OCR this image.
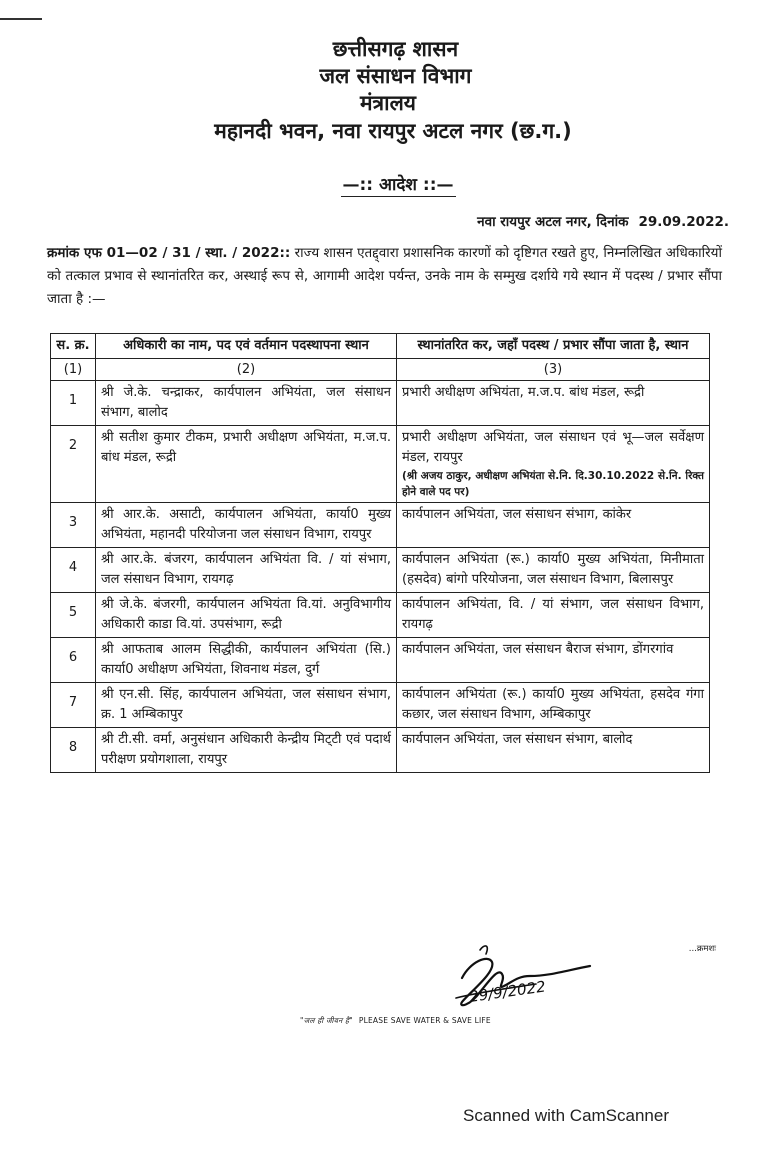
छत्तीसगढ़ शासन
जल संसाधन विभाग
मंत्रालय
महानदी भवन, नवा रायपुर अटल नगर (छ.ग.)
—:: आदेश ::—
नवा रायपुर अटल नगर, दिनांक 29.09.2022.
क्रमांक एफ 01—02 / 31 / स्था. / 2022:: राज्य शासन एतद्द्वारा प्रशासनिक कारणों को दृष्टिगत रखते हुए, निम्नलिखित अधिकारियों को तत्काल प्रभाव से स्थानांतरित कर, अस्थाई रूप से, आगामी आदेश पर्यन्त, उनके नाम के सम्मुख दर्शाये गये स्थान में पदस्थ / प्रभार सौंपा जाता है :—
स. क्र.	अधिकारी का नाम, पद एवं वर्तमान पदस्थापना स्थान	स्थानांतरित कर, जहाँ पदस्थ / प्रभार सौंपा जाता है, स्थान
(1)	(2)	(3)
1	श्री जे.के. चन्द्राकर, कार्यपालन अभियंता, जल संसाधन संभाग, बालोद	प्रभारी अधीक्षण अभियंता, म.ज.प. बांध मंडल, रूद्री
2	श्री सतीश कुमार टीकम, प्रभारी अधीक्षण अभियंता, म.ज.प. बांध मंडल, रूद्री	प्रभारी अधीक्षण अभियंता, जल संसाधन एवं भू—जल सर्वेक्षण मंडल, रायपुर
(श्री अजय ठाकुर, अधीक्षण अभियंता से.नि. दि.30.10.2022 से.नि. रिक्त होने वाले पद पर)

3	श्री आर.के. असाटी, कार्यपालन अभियंता, कार्या0 मुख्य अभियंता, महानदी परियोजना जल संसाधन विभाग, रायपुर	कार्यपालन अभियंता, जल संसाधन संभाग, कांकेर
4	श्री आर.के. बंजरग, कार्यपालन अभियंता वि. / यां संभाग, जल संसाधन विभाग, रायगढ़	कार्यपालन अभियंता (रू.) कार्या0 मुख्य अभियंता, मिनीमाता (हसदेव) बांगो परियोजना, जल संसाधन विभाग, बिलासपुर
5	श्री जे.के. बंजरगी, कार्यपालन अभियंता वि.यां. अनुविभागीय अधिकारी काडा वि.यां. उपसंभाग, रूद्री	कार्यपालन अभियंता, वि. / यां संभाग, जल संसाधन विभाग, रायगढ़
6	श्री आफताब आलम सिद्धीकी, कार्यपालन अभियंता (सि.) कार्या0 अधीक्षण अभियंता, शिवनाथ मंडल, दुर्ग	कार्यपालन अभियंता, जल संसाधन बैराज संभाग, डोंगरगांव
7	श्री एन.सी. सिंह, कार्यपालन अभियंता, जल संसाधन संभाग, क्र. 1 अम्बिकापुर	कार्यपालन अभियंता (रू.) कार्या0 मुख्य अभियंता, हसदेव गंगा कछार, जल संसाधन विभाग, अम्बिकापुर
8	श्री टी.सी. वर्मा, अनुसंधान अधिकारी केन्द्रीय मिट्‌टी एवं पदार्थ परीक्षण प्रयोगशाला, रायपुर	कार्यपालन अभियंता, जल संसाधन संभाग, बालोद
...क्रमशः
29/9/2022
"जल ही जीवन है" PLEASE SAVE WATER & SAVE LIFE
Scanned with CamScanner
